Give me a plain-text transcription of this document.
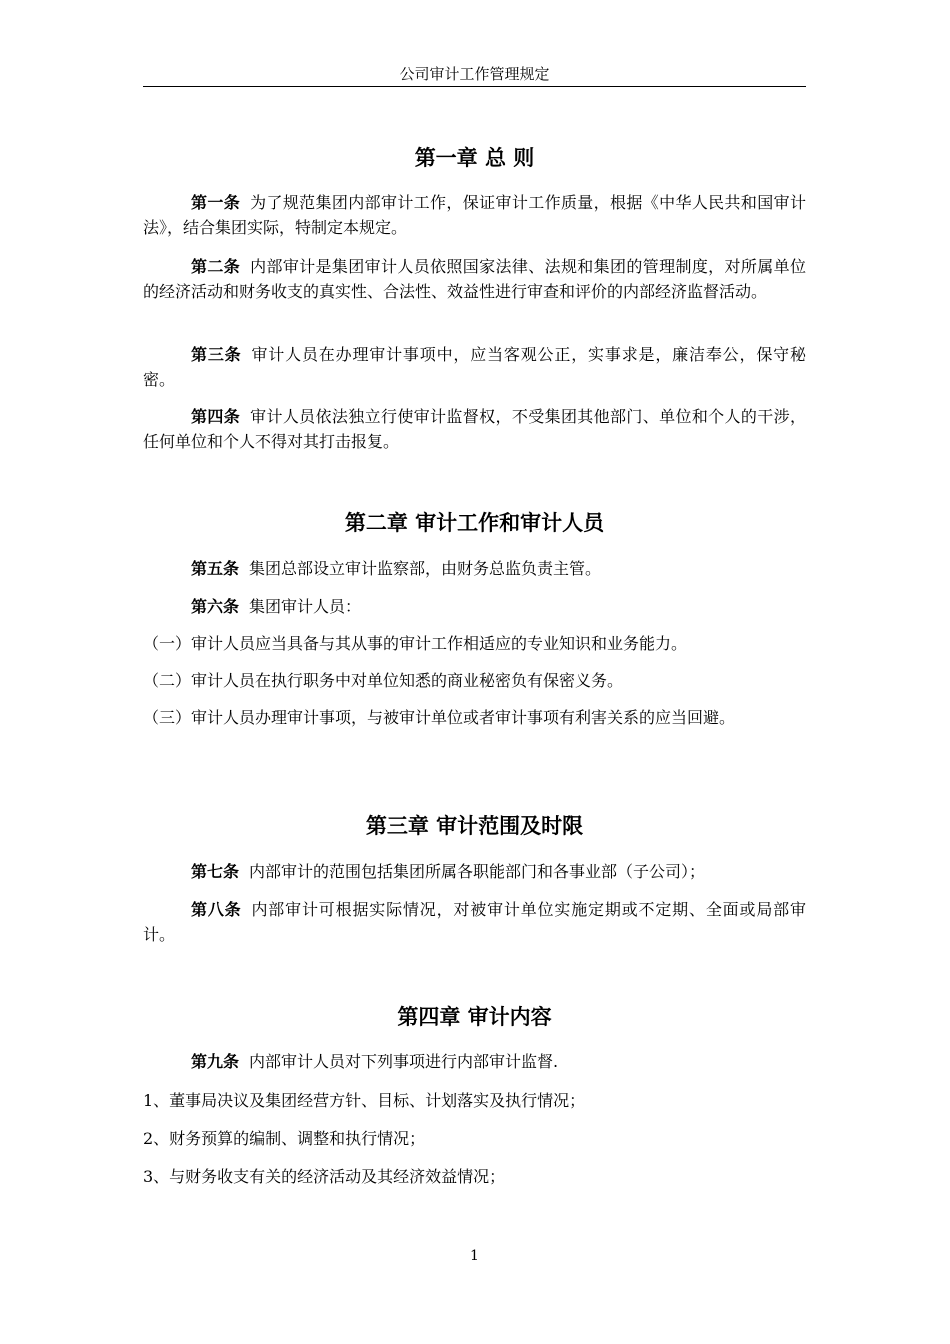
公司审计工作管理规定
第一章 总 则
第一条 为了规范集团内部审计工作，保证审计工作质量，根据《中华人民共和国审计法》，结合集团实际，特制定本规定。
第二条 内部审计是集团审计人员依照国家法律、法规和集团的管理制度，对所属单位的经济活动和财务收支的真实性、合法性、效益性进行审查和评价的内部经济监督活动。
第三条 审计人员在办理审计事项中，应当客观公正，实事求是，廉洁奉公，保守秘密。
第四条 审计人员依法独立行使审计监督权，不受集团其他部门、单位和个人的干涉，任何单位和个人不得对其打击报复。
第二章 审计工作和审计人员
第五条 集团总部设立审计监察部，由财务总监负责主管。
第六条 集团审计人员：
（一）审计人员应当具备与其从事的审计工作相适应的专业知识和业务能力。
（二）审计人员在执行职务中对单位知悉的商业秘密负有保密义务。
（三）审计人员办理审计事项，与被审计单位或者审计事项有利害关系的应当回避。
第三章 审计范围及时限
第七条 内部审计的范围包括集团所属各职能部门和各事业部（子公司）；
第八条 内部审计可根据实际情况，对被审计单位实施定期或不定期、全面或局部审计。
第四章 审计内容
第九条 内部审计人员对下列事项进行内部审计监督.
1、董事局决议及集团经营方针、目标、计划落实及执行情况；
2、财务预算的编制、调整和执行情况；
3、与财务收支有关的经济活动及其经济效益情况；
1
